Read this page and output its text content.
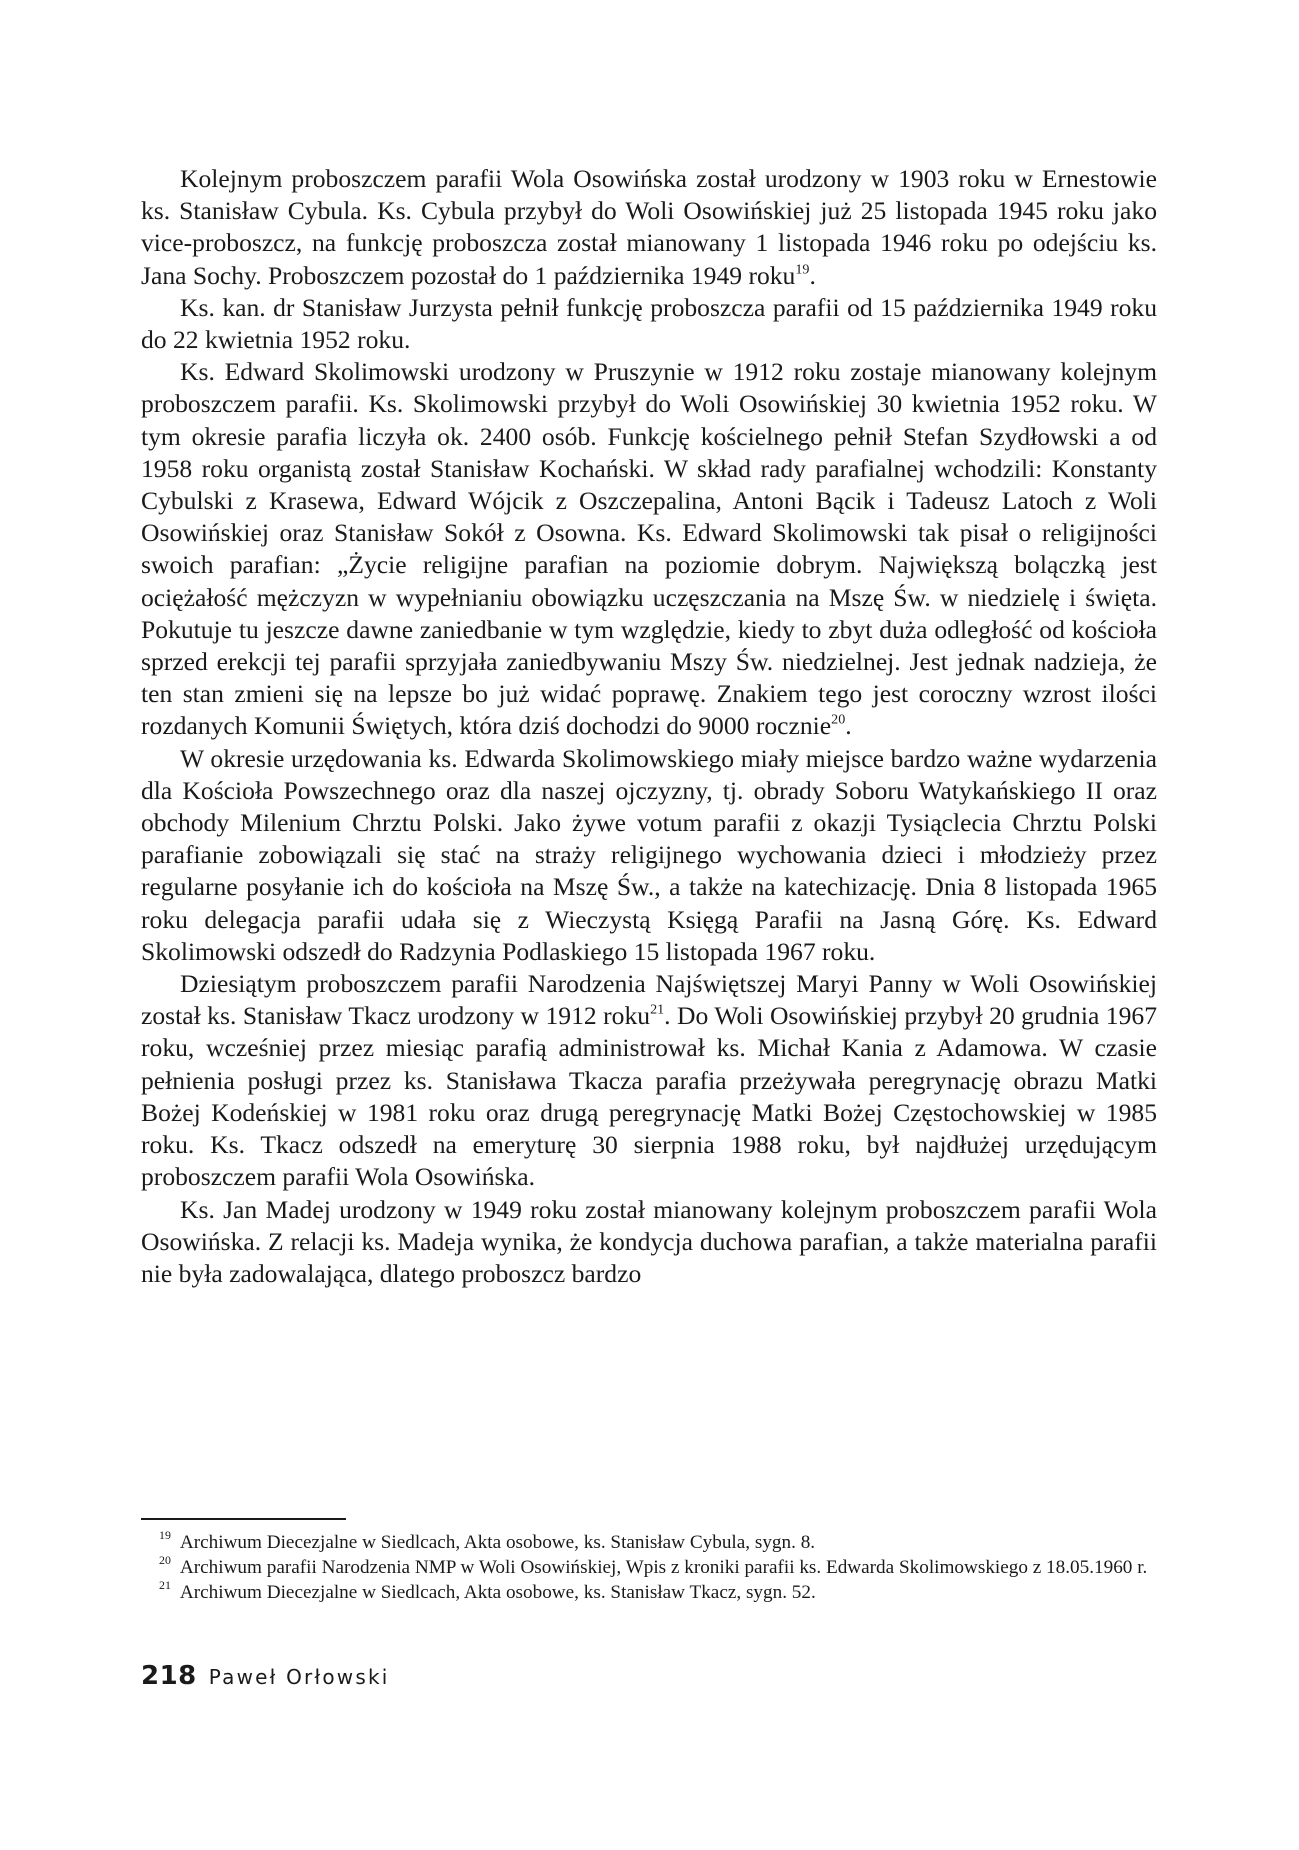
Kolejnym proboszczem parafii Wola Osowińska został urodzony w 1903 roku w Ernestowie ks. Stanisław Cybula. Ks. Cybula przybył do Woli Osowińskiej już 25 listopada 1945 roku jako vice-proboszcz, na funkcję proboszcza został mianowany 1 listopada 1946 roku po odejściu ks. Jana Sochy. Proboszczem pozostał do 1 października 1949 roku$^{19}$.

Ks. kan. dr Stanisław Jurzysta pełnił funkcję proboszcza parafii od 15 października 1949 roku do 22 kwietnia 1952 roku.

Ks. Edward Skolimowski urodzony w Pruszynie w 1912 roku zostaje mianowany kolejnym proboszczem parafii. Ks. Skolimowski przybył do Woli Osowińskiej 30 kwietnia 1952 roku. W tym okresie parafia liczyła ok. 2400 osób. Funkcję kościelnego pełnił Stefan Szydłowski a od 1958 roku organistą został Stanisław Kochański. W skład rady parafialnej wchodzili: Konstanty Cybulski z Krasewa, Edward Wójcik z Oszczepalina, Antoni Bącik i Tadeusz Latoch z Woli Osowińskiej oraz Stanisław Sokół z Osowna. Ks. Edward Skolimowski tak pisał o religijności swoich parafian: „Życie religijne parafian na poziomie dobrym. Największą bolączką jest ociężałość mężczyzn w wypełnianiu obowiązku uczęszczania na Mszę Św. w niedzielę i święta. Pokutuje tu jeszcze dawne zaniedbanie w tym względzie, kiedy to zbyt duża odległość od kościoła sprzed erekcji tej parafii sprzyjała zaniedbywaniu Mszy Św. niedzielnej. Jest jednak nadzieja, że ten stan zmieni się na lepsze bo już widać poprawę. Znakiem tego jest coroczny wzrost ilości rozdanych Komunii Świętych, która dziś dochodzi do 9000 rocznie$^{20}$.

W okresie urzędowania ks. Edwarda Skolimowskiego miały miejsce bardzo ważne wydarzenia dla Kościoła Powszechnego oraz dla naszej ojczyzny, tj. obrady Soboru Watykańskiego II oraz obchody Milenium Chrztu Polski. Jako żywe votum parafii z okazji Tysiąclecia Chrztu Polski parafianie zobowiązali się stać na straży religijnego wychowania dzieci i młodzieży przez regularne posyłanie ich do kościoła na Mszę Św., a także na katechizację. Dnia 8 listopada 1965 roku delegacja parafii udała się z Wieczystą Księgą Parafii na Jasną Górę. Ks. Edward Skolimowski odszedł do Radzynia Podlaskiego 15 listopada 1967 roku.

Dziesiątym proboszczem parafii Narodzenia Najświętszej Maryi Panny w Woli Osowińskiej został ks. Stanisław Tkacz urodzony w 1912 roku$^{21}$. Do Woli Osowińskiej przybył 20 grudnia 1967 roku, wcześniej przez miesiąc parafią administrował ks. Michał Kania z Adamowa. W czasie pełnienia posługi przez ks. Stanisława Tkacza parafia przeżywała peregrynację obrazu Matki Bożej Kodeńskiej w 1981 roku oraz drugą peregrynację Matki Bożej Częstochowskiej w 1985 roku. Ks. Tkacz odszedł na emeryturę 30 sierpnia 1988 roku, był najdłużej urzędującym proboszczem parafii Wola Osowińska.

Ks. Jan Madej urodzony w 1949 roku został mianowany kolejnym proboszczem parafii Wola Osowińska. Z relacji ks. Madeja wynika, że kondycja duchowa parafian, a także materialna parafii nie była zadowalająca, dlatego proboszcz bardzo

$^{19}$ Archiwum Diecezjalne w Siedlcach, Akta osobowe, ks. Stanisław Cybula, sygn. 8.

$^{20}$ Archiwum parafii Narodzenia NMP w Woli Osowińskiej, Wpis z kroniki parafii ks. Edwarda Skolimowskiego z 18.05.1960 r.

$^{21}$ Archiwum Diecezjalne w Siedlcach, Akta osobowe, ks. Stanisław Tkacz, sygn. 52.

218 Paweł Orłowski
